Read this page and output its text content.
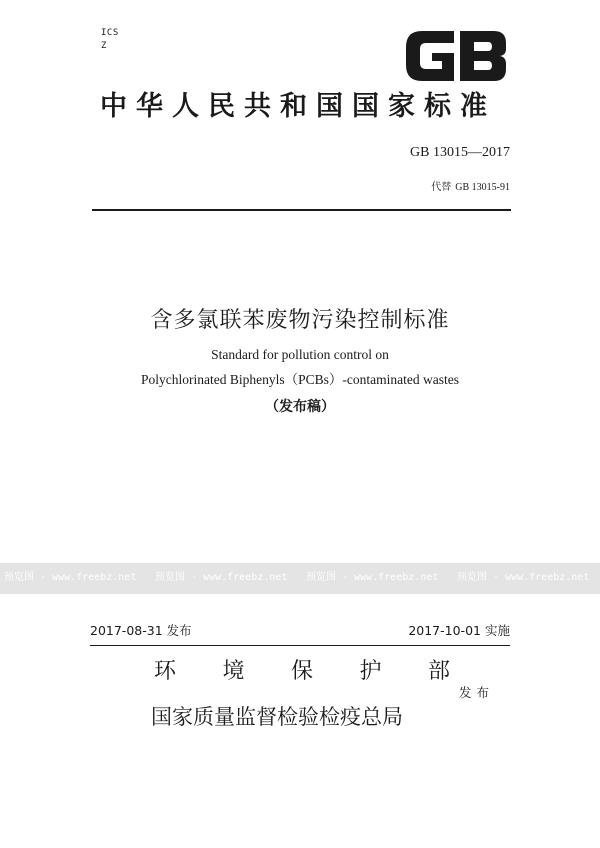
ICS
Z
中华人民共和国国家标准
GB 13015—2017
代替 GB 13015-91
含多氯联苯废物污染控制标准
Standard for pollution control on
Polychlorinated Biphenyls（PCBs）-contaminated wastes
（发布稿）
预览图 - www.freebz.net 预览图 - www.freebz.net 预览图 - www.freebz.net 预览图 - www.freebz.net
2017-08-31 发布	2017-10-01 实施
环 境 保 护 部
发布
国家质量监督检验检疫总局
